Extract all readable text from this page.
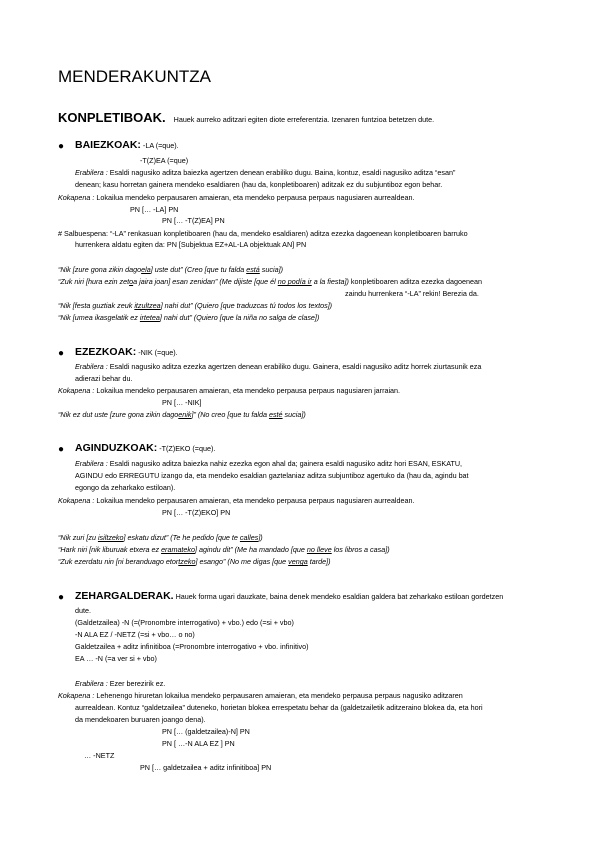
MENDERAKUNTZA
KONPLETIBOAK. Hauek aurreko aditzari egiten diote erreferentzia. Izenaren funtzioa betetzen dute.
● BAIEZKOAK: -LA (=que).
-T(Z)EA (=que)
Erabilera : Esaldi nagusiko aditza baiezka agertzen denean erabiliko dugu. Baina, kontuz, esaldi nagusiko aditza “esan”
denean; kasu horretan gainera mendeko esaldiaren (hau da, konpletiboaren) aditzak ez du subjuntiboz egon behar.
Kokapena : Lokailua mendeko perpausaren amaieran, eta mendeko perpausa perpaus nagusiaren aurrealdean.
PN [… -LA] PN
PN [… -T(Z)EA] PN
# Salbuespena: “-LA” renkasuan konpletiboaren (hau da, mendeko esaldiaren) aditza ezezka dagoenean konpletiboaren barruko
hurrenkera aldatu egiten da: PN [Subjektua EZ+AL-LA objektuak AN] PN
“Nik [zure gona zikin dagoela] uste dut” (Creo [que tu falda está sucia])
“Zuk niri [hura ezin zetoa jaira joan] esan zenidan” (Me dijiste [que él no podía ir a la fiesta]) konpletiboaren aditza ezezka dagoenean
zaindu hurrenkera “-LA” rekin! Berezia da.
“Nik [festa guztiak zeuk itzultzea] nahi dut” (Quiero [que traduzcas tú todos los textos])
“Nik [umea ikasgelatik ez irtetea] nahi dut” (Quiero [que la niña no salga de clase])
● EZEZKOAK: -NIK (=que).
Erabilera : Esaldi nagusiko aditza ezezka agertzen denean erabiliko dugu. Gainera, esaldi nagusiko aditz horrek ziurtasunik eza
adierazi behar du.
Kokapena : Lokailua mendeko perpausaren amaieran, eta mendeko perpausa perpaus nagusiaren jarraian.
PN [… -NIK]
“Nik ez dut uste [zure gona zikin dagoenik]” (No creo [que tu falda esté sucia])
● AGINDUZKOAK: -T(Z)EKO (=que).
Erabilera : Esaldi nagusiko aditza baiezka nahiz ezezka egon ahal da; gainera esaldi nagusiko aditz hori ESAN, ESKATU,
AGINDU edo ERREGUTU izango da, eta mendeko esaldian gaztelaniaz aditza subjuntiboz agertuko da (hau da, agindu bat
egongo da zeharkako estiloan).
Kokapena : Lokailua mendeko perpausaren amaieran, eta mendeko perpausa perpaus nagusiaren aurrealdean.
PN [… -T(Z)EKO] PN
“Nik zuri [zu isiltzeko] eskatu dizut” (Te he pedido [que te calles])
“Hark niri [nik liburuak etxera ez eramateko] agindu dit” (Me ha mandado [que no lleve los libros a casa])
“Zuk ezerdatu nin [ni beranduago etortzeko] esango” (No me digas [que venga tarde])
● ZEHARGALDERAK. Hauek forma ugari dauzkate, baina denek mendeko esaldian galdera bat zeharkako estiloan gordetzen
dute.
(Galdetzailea) -N (=(Pronombre interrogativo) + vbo.) edo (=si + vbo)
-N ALA EZ / -NETZ (=si + vbo… o no)
Galdetzailea + aditz infinitiboa (=Pronombre interrogativo + vbo. infinitivo)
EA … -N (=a ver si + vbo)
Erabilera : Ezer berezirik ez.
Kokapena : Lehenengo hiruretan lokailua mendeko perpausaren amaieran, eta mendeko perpausa perpaus nagusiko aditzaren
aurrealdean. Kontuz “galdetzailea” duteneko, horietan blokea errespetatu behar da (galdetzailetik aditzeraino blokea da, eta hori
da mendekoaren buruaren joango dena).
PN [… (galdetzailea)-N] PN
PN [ …-N ALA EZ ] PN
… -NETZ
PN [… galdetzailea + aditz infinitiboa] PN
